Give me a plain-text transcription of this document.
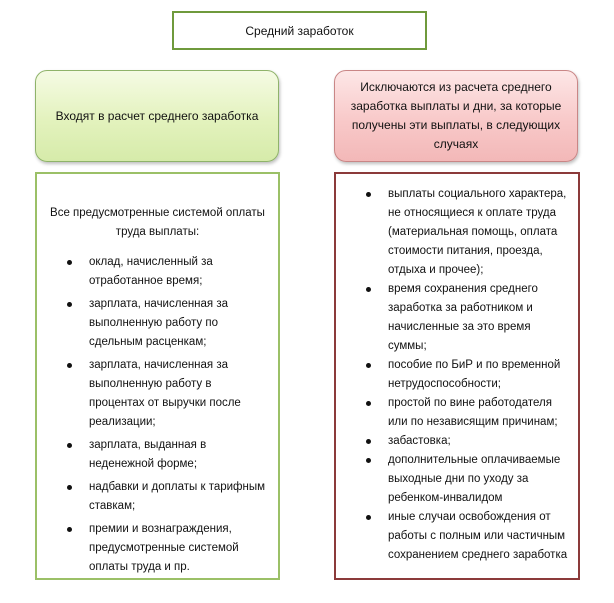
Средний заработок
Входят в расчет среднего заработка
Исключаются из расчета среднего заработка выплаты и дни, за которые получены эти выплаты, в следующих случаях

Все предусмотренные системой оплаты труда выплаты:

оклад, начисленный за отработанное время;
зарплата, начисленная за выполненную работу по сдельным расценкам;
зарплата, начисленная за выполненную работу в процентах от выручки после реализации;
зарплата, выданная в неденежной форме;
надбавки и доплаты к тарифным ставкам;
премии и вознаграждения, предусмотренные системой оплаты труда и пр.
выплаты социального характера, не относящиеся к оплате труда (материальная помощь, оплата стоимости питания, проезда, отдыха и прочее);
время сохранения среднего заработка за работником и начисленные за это время суммы;
пособие по БиР и по временной нетрудоспособности;
простой по вине работодателя или по независящим причинам;
забастовка;
дополнительные оплачиваемые выходные дни по уходу за ребенком-инвалидом
иные случаи освобождения от работы с полным или частичным сохранением среднего заработка
